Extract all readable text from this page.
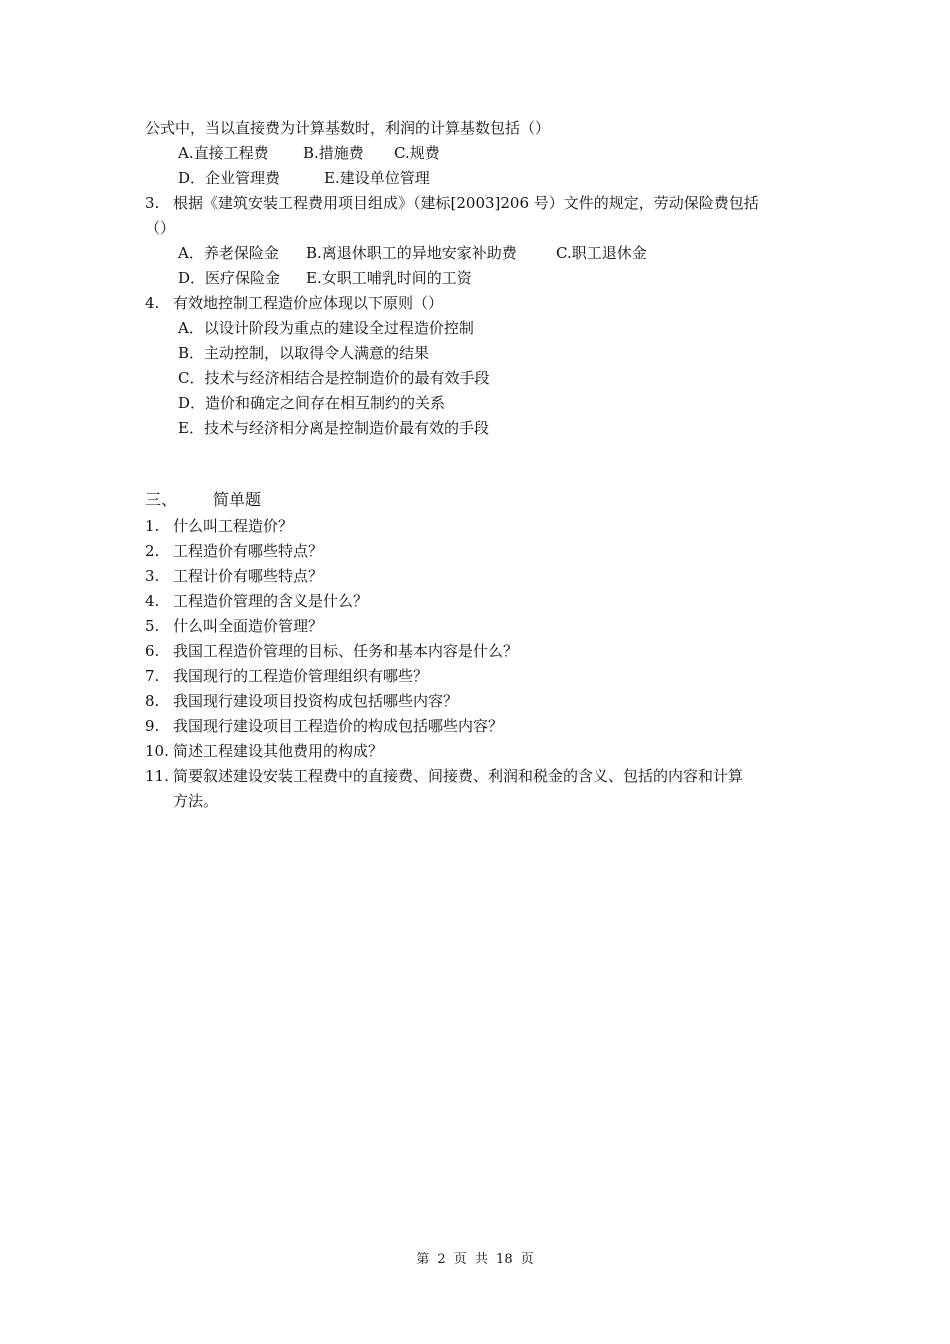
公式中，当以直接费为计算基数时，利润的计算基数包括（）
A.直接工程费 B.措施费 C.规费
D．企业管理费	E.建设单位管理
3. 根据《建筑安装工程费用项目组成》（建标[2003]206 号）文件的规定，劳动保险费包括
（）
A．养老保险金 B.离退休职工的异地安家补助费	C.职工退休金
D．医疗保险金 E.女职工哺乳时间的工资
4. 有效地控制工程造价应体现以下原则（）
A．以设计阶段为重点的建设全过程造价控制
B．主动控制，以取得令人满意的结果
C．技术与经济相结合是控制造价的最有效手段
D．造价和确定之间存在相互制约的关系
E．技术与经济相分离是控制造价最有效的手段
三、 简单题
1. 什么叫工程造价？
2. 工程造价有哪些特点？
3. 工程计价有哪些特点？
4. 工程造价管理的含义是什么？
5. 什么叫全面造价管理？
6. 我国工程造价管理的目标、任务和基本内容是什么？
7. 我国现行的工程造价管理组织有哪些？
8. 我国现行建设项目投资构成包括哪些内容？
9. 我国现行建设项目工程造价的构成包括哪些内容？
10. 简述工程建设其他费用的构成？
11. 简要叙述建设安装工程费中的直接费、间接费、利润和税金的含义、包括的内容和计算
方法。
第 2 页 共 18 页
